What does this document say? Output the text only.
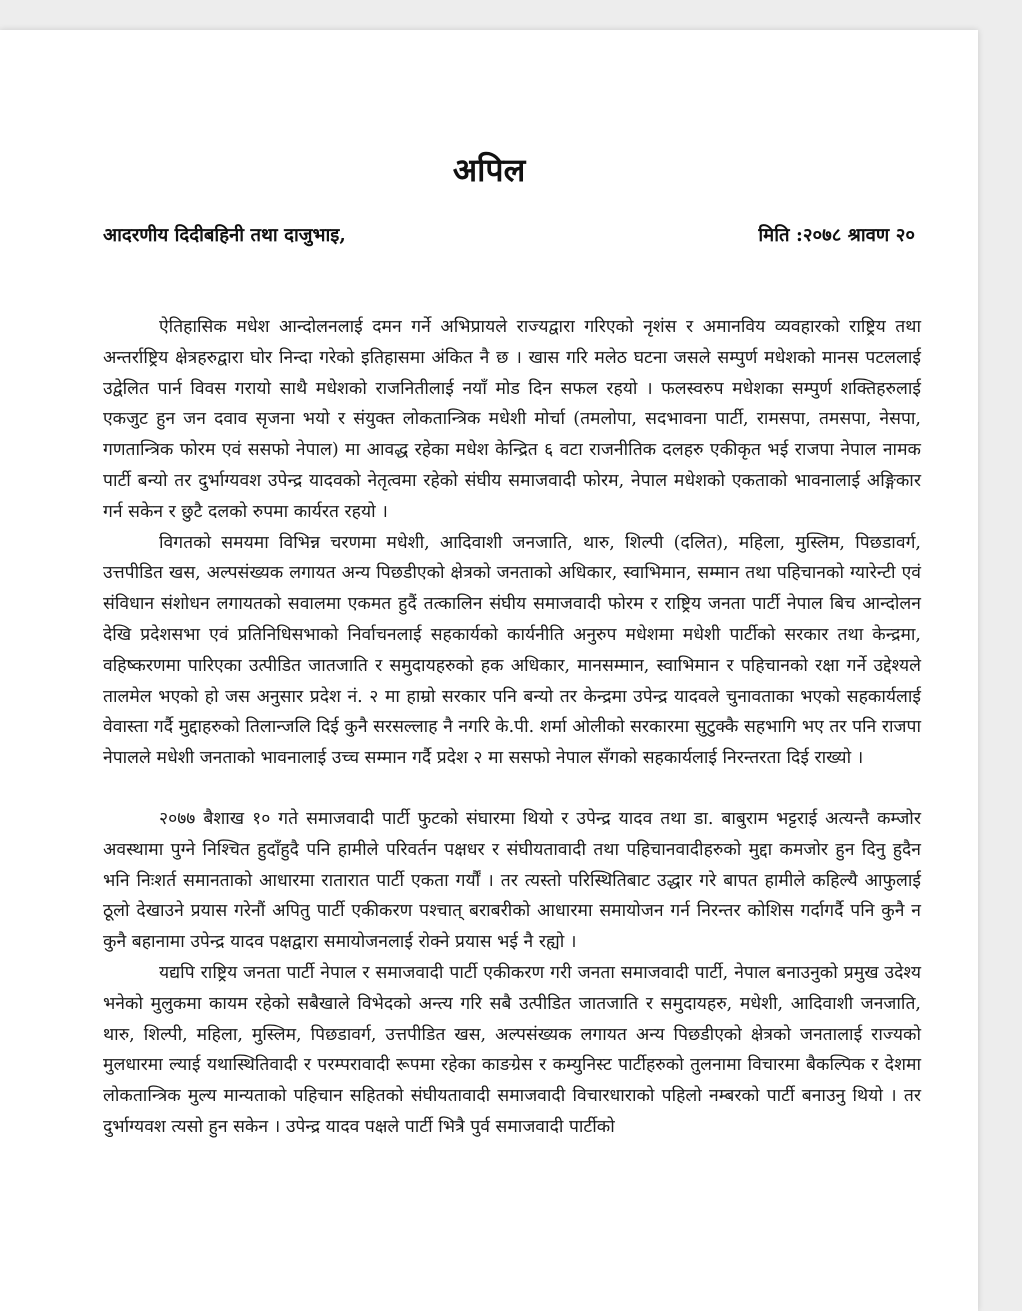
अपिल
आदरणीय दिदीबहिनी तथा दाजुभाइ,	मिति :२०७८ श्रावण २०

ऐतिहासिक मधेश आन्दोलनलाई दमन गर्ने अभिप्रायले राज्यद्वारा गरिएको नृशंस र अमानविय व्यवहारको राष्ट्रिय तथा अन्तर्राष्ट्रिय क्षेत्रहरुद्वारा घोर निन्दा गरेको इतिहासमा अंकित नै छ । खास गरि मलेठ घटना जसले सम्पुर्ण मधेशको मानस पटललाई उद्वेलित पार्न विवस गरायो साथै मधेशको राजनितीलाई नयाँ मोड दिन सफल रहयो । फलस्वरुप मधेशका सम्पुर्ण शक्तिहरुलाई एकजुट हुन जन दवाव सृजना भयो र संयुक्त लोकतान्त्रिक मधेशी मोर्चा (तमलोपा, सदभावना पार्टी, रामसपा, तमसपा, नेसपा, गणतान्त्रिक फोरम एवं ससफो नेपाल) मा आवद्ध रहेका मधेश केन्द्रित ६ वटा राजनीतिक दलहरु एकीकृत भई राजपा नेपाल नामक पार्टी बन्यो तर दुर्भाग्यवश उपेन्द्र यादवको नेतृत्वमा रहेको संघीय समाजवादी फोरम, नेपाल मधेशको एकताको भावनालाई अङ्गिकार गर्न सकेन र छुटै दलको रुपमा कार्यरत रहयो ।

विगतको समयमा विभिन्न चरणमा मधेशी, आदिवाशी जनजाति, थारु, शिल्पी (दलित), महिला, मुस्लिम, पिछडावर्ग, उत्तपीडित खस, अल्पसंख्यक लगायत अन्य पिछडीएको क्षेत्रको जनताको अधिकार, स्वाभिमान, सम्मान तथा पहिचानको ग्यारेन्टी एवं संविधान संशोधन लगायतको सवालमा एकमत हुदैं तत्कालिन संघीय समाजवादी फोरम र राष्ट्रिय जनता पार्टी नेपाल बिच आन्दोलन देखि प्रदेशसभा एवं प्रतिनिधिसभाको निर्वाचनलाई सहकार्यको कार्यनीति अनुरुप मधेशमा मधेशी पार्टीको सरकार तथा केन्द्रमा, वहिष्करणमा पारिएका उत्पीडित जातजाति र समुदायहरुको हक अधिकार, मानसम्मान, स्वाभिमान र पहिचानको रक्षा गर्ने उद्देश्यले तालमेल भएको हो जस अनुसार प्रदेश नं. २ मा हाम्रो सरकार पनि बन्यो तर केन्द्रमा उपेन्द्र यादवले चुनावताका भएको सहकार्यलाई वेवास्ता गर्दै मुद्दाहरुको तिलान्जलि दिई कुनै सरसल्लाह नै नगरि के.पी. शर्मा ओलीको सरकारमा सुटुक्कै सहभागि भए तर पनि राजपा नेपालले मधेशी जनताको भावनालाई उच्च सम्मान गर्दै प्रदेश २ मा ससफो नेपाल सँगको सहकार्यलाई निरन्तरता दिई राख्यो ।

२०७७ बैशाख १० गते समाजवादी पार्टी फुटको संघारमा थियो र उपेन्द्र यादव तथा डा. बाबुराम भट्टराई अत्यन्तै कम्जोर अवस्थामा पुग्ने निश्चित हुदाँहुदै पनि हामीले परिवर्तन पक्षधर र संघीयतावादी तथा पहिचानवादीहरुको मुद्दा कमजोर हुन दिनु हुदैन भनि निःशर्त समानताको आधारमा रातारात पार्टी एकता गर्यौं । तर त्यस्तो परिस्थितिबाट उद्धार गरे बापत हामीले कहिल्यै आफुलाई ठूलो देखाउने प्रयास गरेनौं अपितु पार्टी एकीकरण पश्चात् बराबरीको आधारमा समायोजन गर्न निरन्तर कोशिस गर्दागर्दै पनि कुनै न कुनै बहानामा उपेन्द्र यादव पक्षद्वारा समायोजनलाई रोक्ने प्रयास भई नै रह्यो ।

यद्यपि राष्ट्रिय जनता पार्टी नेपाल र समाजवादी पार्टी एकीकरण गरी जनता समाजवादी पार्टी, नेपाल बनाउनुको प्रमुख उदेश्य भनेको मुलुकमा कायम रहेको सबैखाले विभेदको अन्त्य गरि सबै उत्पीडित जातजाति र समुदायहरु, मधेशी, आदिवाशी जनजाति, थारु, शिल्पी, महिला, मुस्लिम, पिछडावर्ग, उत्तपीडित खस, अल्पसंख्यक लगायत अन्य पिछडीएको क्षेत्रको जनतालाई राज्यको मुलधारमा ल्याई यथास्थितिवादी र परम्परावादी रूपमा रहेका काङग्रेस र कम्युनिस्ट पार्टीहरुको तुलनामा विचारमा बैकल्पिक र देशमा लोकतान्त्रिक मुल्य मान्यताको पहिचान सहितको संघीयतावादी समाजवादी विचारधाराको पहिलो नम्बरको पार्टी बनाउनु थियो । तर दुर्भाग्यवश त्यसो हुन सकेन । उपेन्द्र यादव पक्षले पार्टी भित्रै पुर्व समाजवादी पार्टीको
